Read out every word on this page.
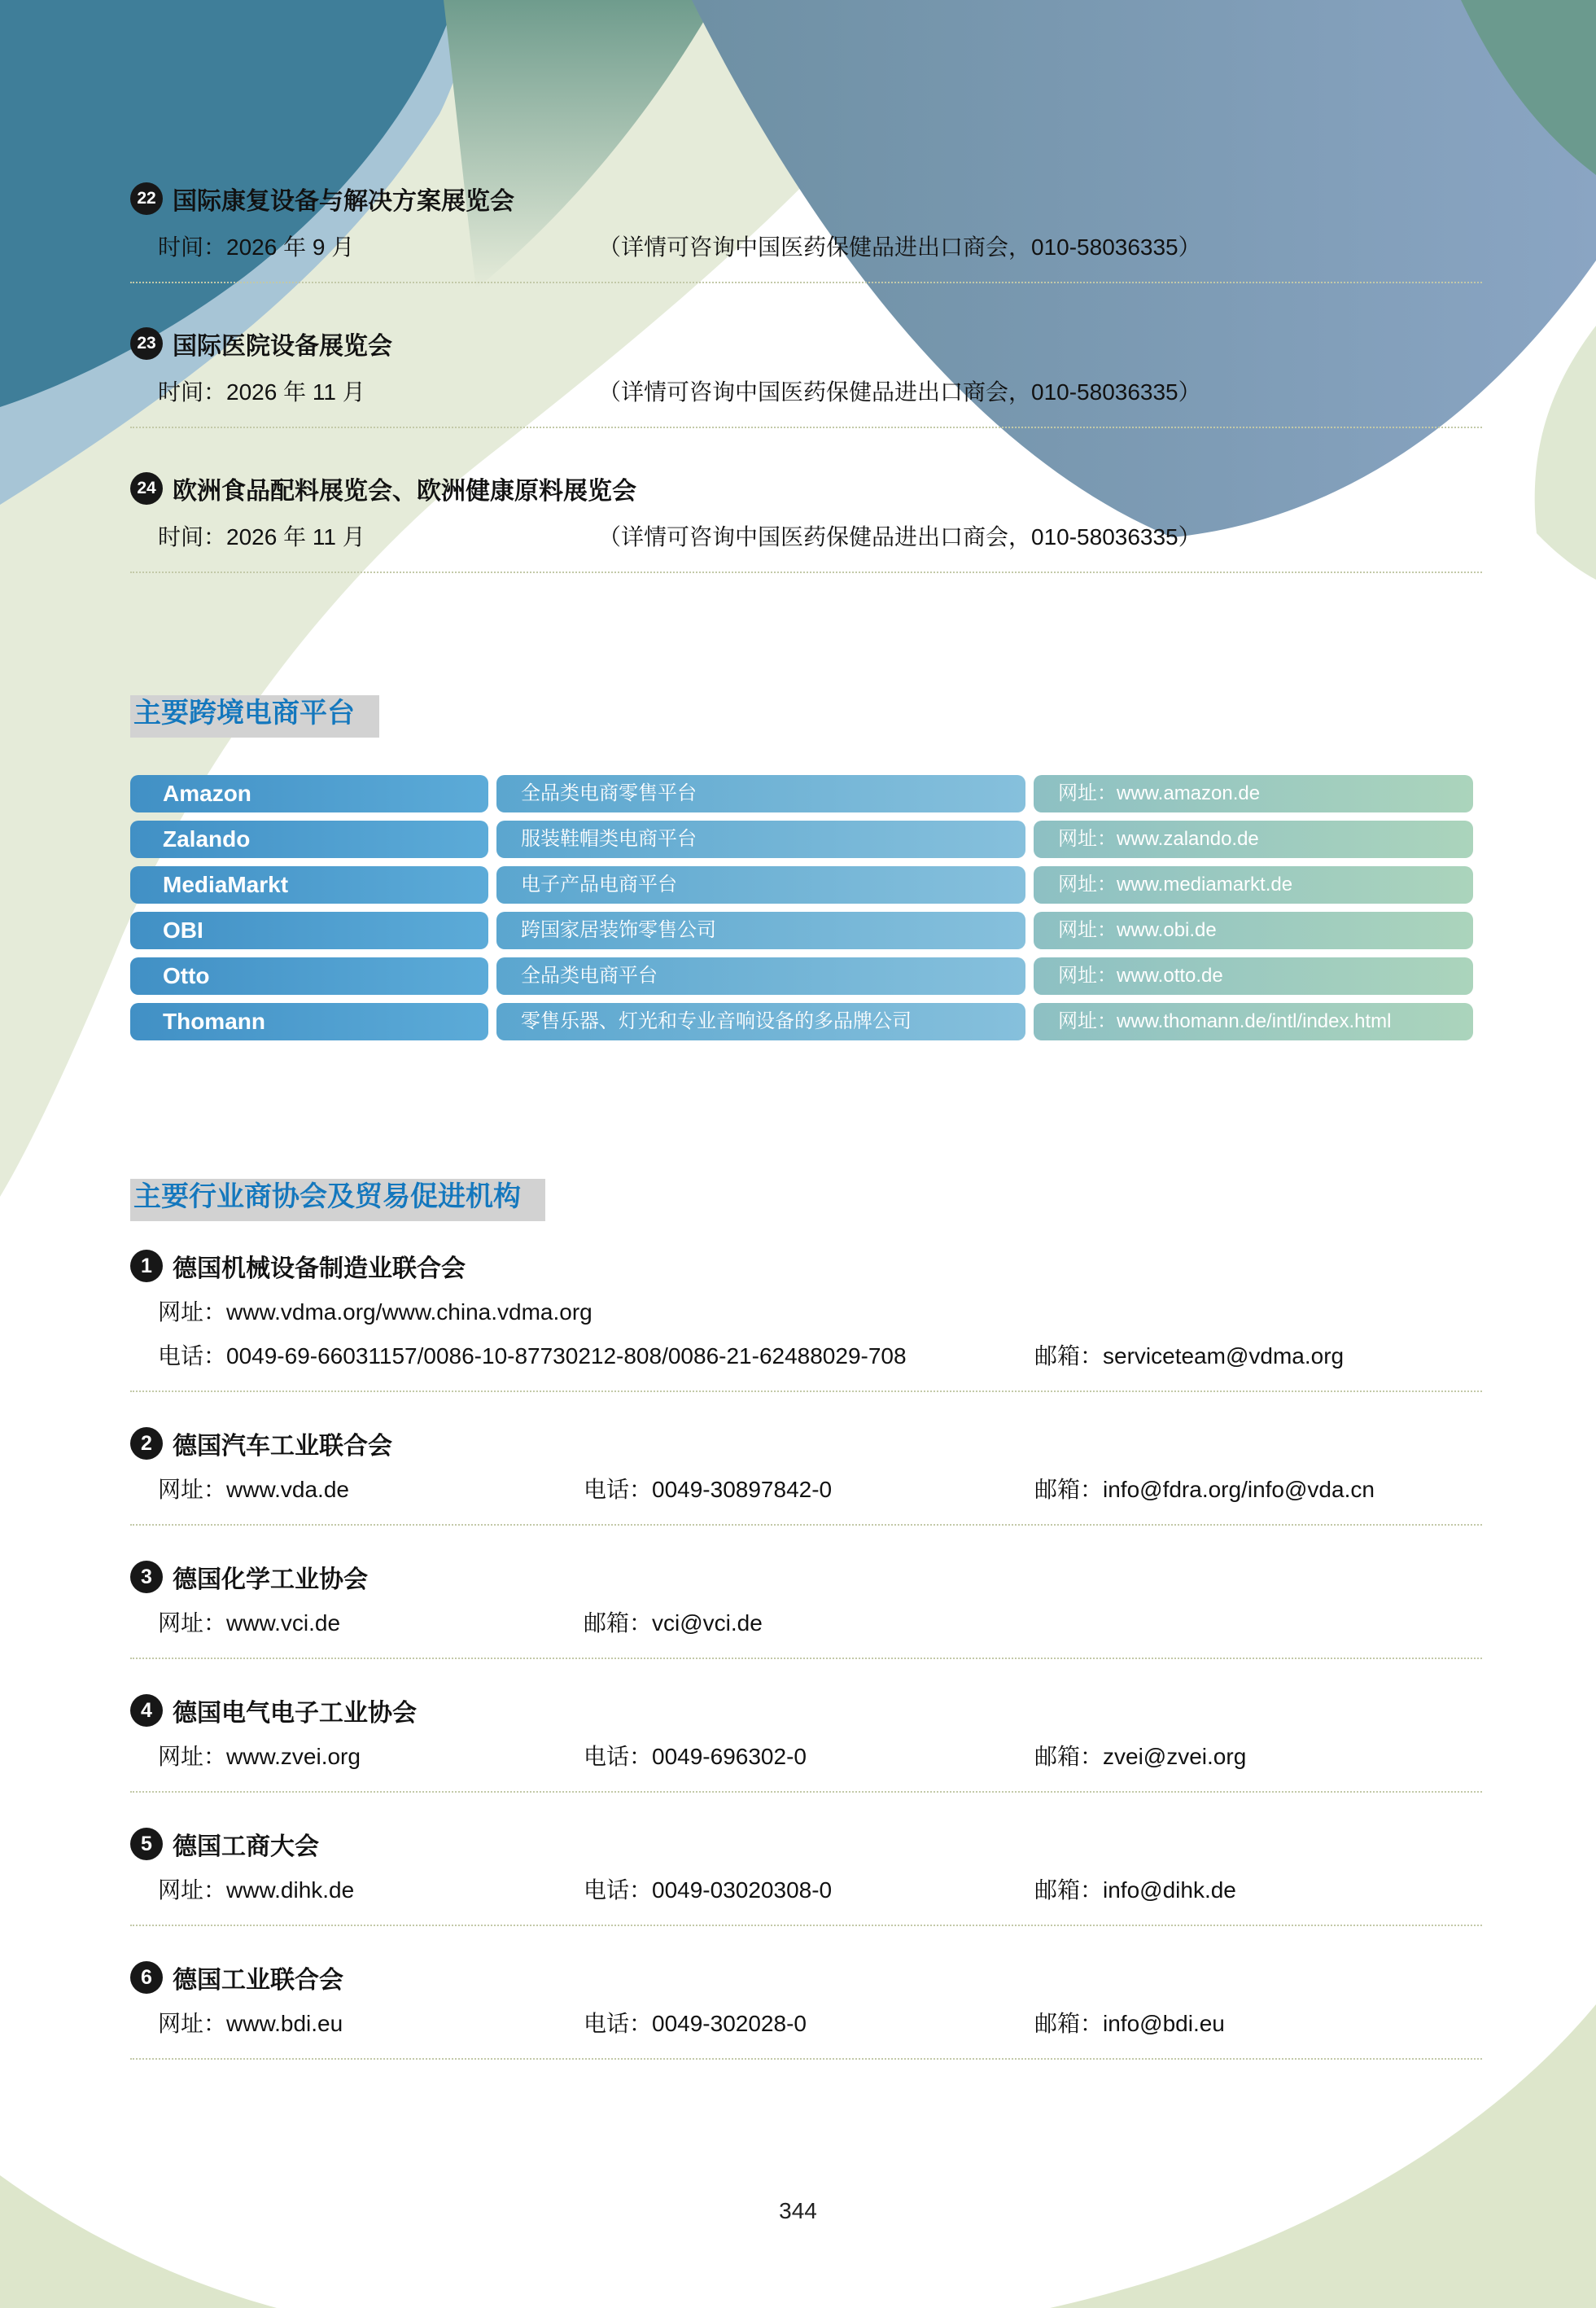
22 国际康复设备与解决方案展览会
时间：2026 年 9 月	（详情可咨询中国医药保健品进出口商会，010-58036335）
23 国际医院设备展览会
时间：2026 年 11 月	（详情可咨询中国医药保健品进出口商会，010-58036335）
24 欧洲食品配料展览会、欧洲健康原料展览会
时间：2026 年 11 月	（详情可咨询中国医药保健品进出口商会，010-58036335）
主要跨境电商平台
Amazon	全品类电商零售平台	网址：www.amazon.de
Zalando	服装鞋帽类电商平台	网址：www.zalando.de
MediaMarkt	电子产品电商平台	网址：www.mediamarkt.de
OBI	跨国家居装饰零售公司	网址：www.obi.de
Otto	全品类电商平台	网址：www.otto.de
Thomann	零售乐器、灯光和专业音响设备的多品牌公司	网址：www.thomann.de/intl/index.html
主要行业商协会及贸易促进机构
1 德国机械设备制造业联合会
网址：www.vdma.org/www.china.vdma.org
电话：0049-69-66031157/0086-10-87730212-808/0086-21-62488029-708	邮箱：serviceteam@vdma.org
2 德国汽车工业联合会
网址：www.vda.de	电话：0049-30897842-0	邮箱：info@fdra.org/info@vda.cn
3 德国化学工业协会
网址：www.vci.de	邮箱：vci@vci.de
4 德国电气电子工业协会
网址：www.zvei.org	电话：0049-696302-0	邮箱：zvei@zvei.org
5 德国工商大会
网址：www.dihk.de	电话：0049-03020308-0	邮箱：info@dihk.de
6 德国工业联合会
网址：www.bdi.eu	电话：0049-302028-0	邮箱：info@bdi.eu
344
